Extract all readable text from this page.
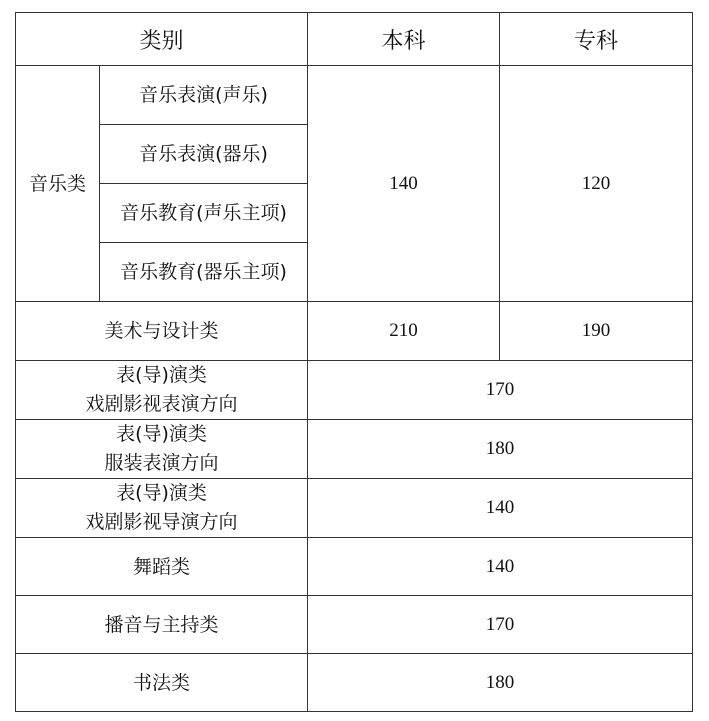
类别		本科	专科
音乐类	音乐表演(声乐)	140	120
	音乐表演(器乐)		
	音乐教育(声乐主项)		
	音乐教育(器乐主项)		
美术与设计类		210	190

表(导)演类
戏剧影视表演方向		170	

表(导)演类
服装表演方向		180	

表(导)演类
戏剧影视导演方向		140	
舞蹈类		140	
播音与主持类		170	
书法类		180	
